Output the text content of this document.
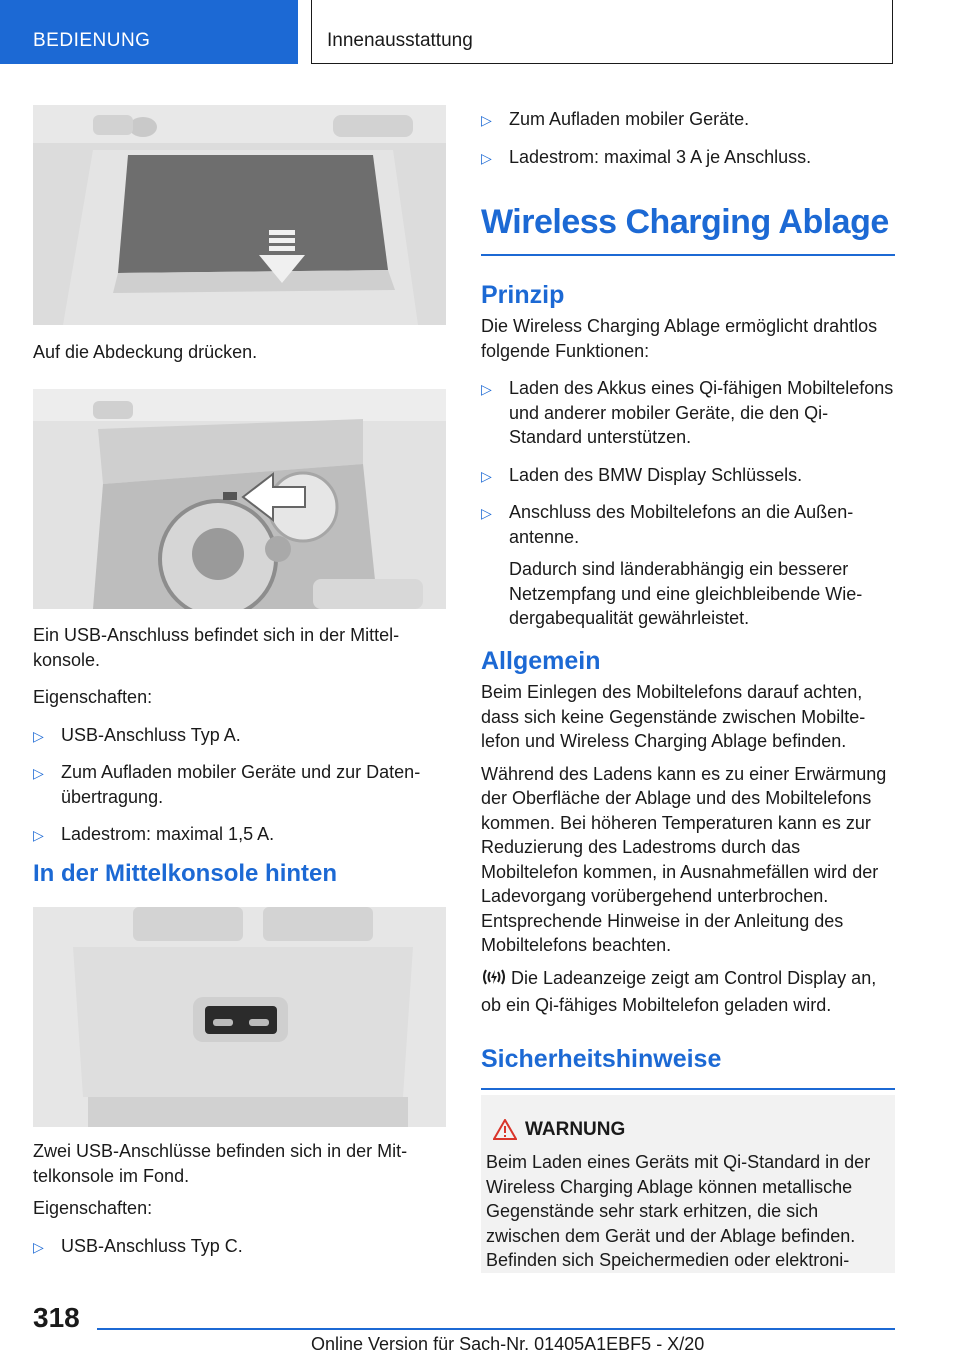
BEDIENUNG	Innenausstattung

Auf die Abdeckung drücken.

Ein USB-Anschluss befindet sich in der Mittelkonsole.

Eigenschaften:

▷ USB-Anschluss Typ A.
▷ Zum Aufladen mobiler Geräte und zur Datenübertragung.
▷ Ladestrom: maximal 1,5 A.
In der Mittelkonsole hinten

Zwei USB-Anschlüsse befinden sich in der Mittelkonsole im Fond.

Eigenschaften:

▷ USB-Anschluss Typ C.
▷ Zum Aufladen mobiler Geräte.
▷ Ladestrom: maximal 3 A je Anschluss.
Wireless Charging Ablage
Prinzip

Die Wireless Charging Ablage ermöglicht drahtlos folgende Funktionen:

▷ Laden des Akkus eines Qi-fähigen Mobiltelefons und anderer mobiler Geräte, die den Qi-Standard unterstützen.
▷ Laden des BMW Display Schlüssels.
▷ Anschluss des Mobiltelefons an die Außenantenne.

Dadurch sind länderabhängig ein besserer Netzempfang und eine gleichbleibende Wiedergabequalität gewährleistet.

Allgemein

Beim Einlegen des Mobiltelefons darauf achten, dass sich keine Gegenstände zwischen Mobiltelefon und Wireless Charging Ablage befinden.

Während des Ladens kann es zu einer Erwärmung der Oberfläche der Ablage und des Mobiltelefons kommen. Bei höheren Temperaturen kann es zur Reduzierung des Ladestroms durch das Mobiltelefon kommen, in Ausnahmefällen wird der Ladevorgang vorübergehend unterbrochen. Entsprechende Hinweise in der Anleitung des Mobiltelefons beachten.

Die Ladeanzeige zeigt am Control Display an, ob ein Qi-fähiges Mobiltelefon geladen wird.

Sicherheitshinweise
WARNUNG

Beim Laden eines Geräts mit Qi-Standard in der Wireless Charging Ablage können metallische Gegenstände sehr stark erhitzen, die sich zwischen dem Gerät und der Ablage befinden. Befinden sich Speichermedien oder elektroni-

318
Online Version für Sach-Nr. 01405A1EBF5 - X/20
